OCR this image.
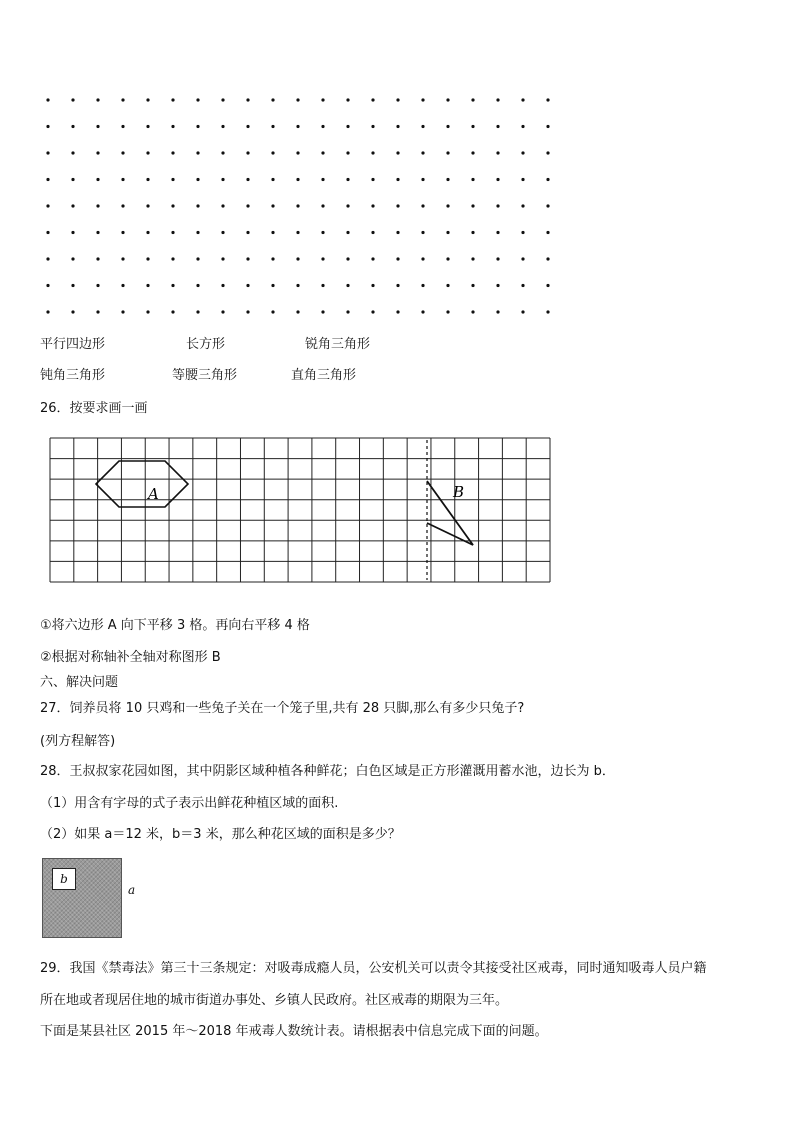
平行四边形	长方形	锐角三角形
钝角三角形	等腰三角形	直角三角形
26．按要求画一画
A	B
①将六边形 A 向下平移 3 格。再向右平移 4 格
②根据对称轴补全轴对称图形 B
六、解决问题
27．饲养员将 10 只鸡和一些兔子关在一个笼子里,共有 28 只脚,那么有多少只兔子?
(列方程解答)
28．王叔叔家花园如图，其中阴影区域种植各种鲜花；白色区域是正方形灌溉用蓄水池，边长为 b．
（1）用含有字母的式子表示出鲜花种植区域的面积.
（2）如果 a＝12 米，b＝3 米，那么种花区域的面积是多少？
b
a
29．我国《禁毒法》第三十三条规定：对吸毒成瘾人员，公安机关可以责令其接受社区戒毒，同时通知吸毒人员户籍
所在地或者现居住地的城市街道办事处、乡镇人民政府。社区戒毒的期限为三年。
下面是某县社区 2015 年～2018 年戒毒人数统计表。请根据表中信息完成下面的问题。
